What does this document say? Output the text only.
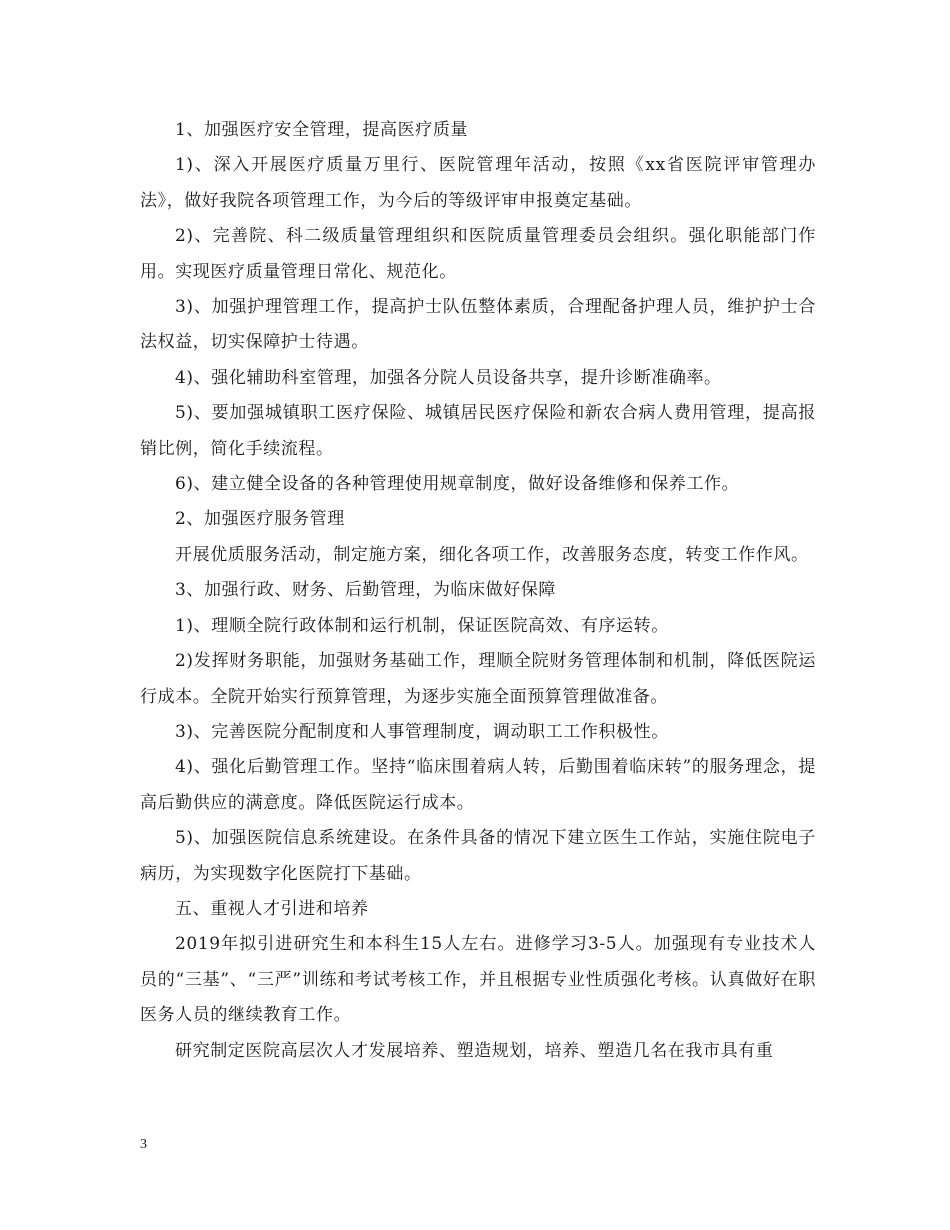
1、加强医疗安全管理，提高医疗质量

1)、深入开展医疗质量万里行、医院管理年活动，按照《xx省医院评审管理办法》，做好我院各项管理工作，为今后的等级评审申报奠定基础。

2)、完善院、科二级质量管理组织和医院质量管理委员会组织。强化职能部门作用。实现医疗质量管理日常化、规范化。

3)、加强护理管理工作，提高护士队伍整体素质，合理配备护理人员，维护护士合法权益，切实保障护士待遇。

4)、强化辅助科室管理，加强各分院人员设备共享，提升诊断准确率。

5)、要加强城镇职工医疗保险、城镇居民医疗保险和新农合病人费用管理，提高报销比例，简化手续流程。

6)、建立健全设备的各种管理使用规章制度，做好设备维修和保养工作。

2、加强医疗服务管理

开展优质服务活动，制定施方案，细化各项工作，改善服务态度，转变工作作风。

3、加强行政、财务、后勤管理，为临床做好保障

1)、理顺全院行政体制和运行机制，保证医院高效、有序运转。

2)发挥财务职能，加强财务基础工作，理顺全院财务管理体制和机制，降低医院运行成本。全院开始实行预算管理，为逐步实施全面预算管理做准备。

3)、完善医院分配制度和人事管理制度，调动职工工作积极性。

4)、强化后勤管理工作。坚持“临床围着病人转，后勤围着临床转”的服务理念，提高后勤供应的满意度。降低医院运行成本。

5)、加强医院信息系统建设。在条件具备的情况下建立医生工作站，实施住院电子病历，为实现数字化医院打下基础。

五、重视人才引进和培养

2019年拟引进研究生和本科生15人左右。进修学习3-5人。加强现有专业技术人员的“三基”、“三严”训练和考试考核工作，并且根据专业性质强化考核。认真做好在职医务人员的继续教育工作。

研究制定医院高层次人才发展培养、塑造规划，培养、塑造几名在我市具有重

3
